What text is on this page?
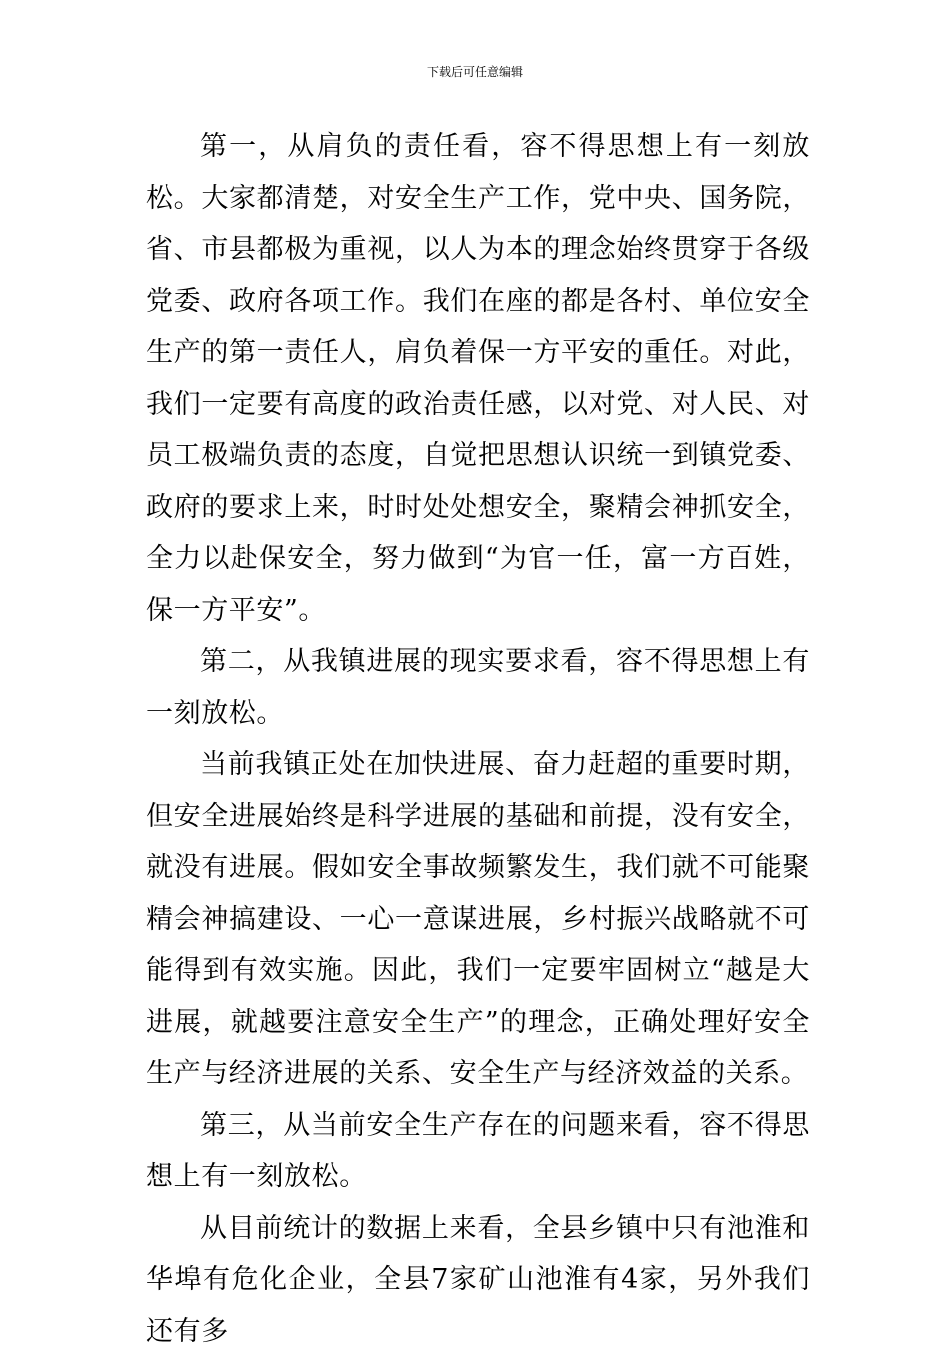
下载后可任意编辑

第一，从肩负的责任看，容不得思想上有一刻放松。大家都清楚，对安全生产工作，党中央、国务院，省、市县都极为重视，以人为本的理念始终贯穿于各级党委、政府各项工作。我们在座的都是各村、单位安全生产的第一责任人，肩负着保一方平安的重任。对此，我们一定要有高度的政治责任感，以对党、对人民、对员工极端负责的态度，自觉把思想认识统一到镇党委、政府的要求上来，时时处处想安全，聚精会神抓安全，全力以赴保安全，努力做到“为官一任，富一方百姓，保一方平安”。

第二，从我镇进展的现实要求看，容不得思想上有一刻放松。

当前我镇正处在加快进展、奋力赶超的重要时期，但安全进展始终是科学进展的基础和前提，没有安全，就没有进展。假如安全事故频繁发生，我们就不可能聚精会神搞建设、一心一意谋进展，乡村振兴战略就不可能得到有效实施。因此，我们一定要牢固树立“越是大进展，就越要注意安全生产”的理念，正确处理好安全生产与经济进展的关系、安全生产与经济效益的关系。

第三，从当前安全生产存在的问题来看，容不得思想上有一刻放松。

从目前统计的数据上来看，全县乡镇中只有池淮和华埠有危化企业，全县7家矿山池淮有4家，另外我们还有多
